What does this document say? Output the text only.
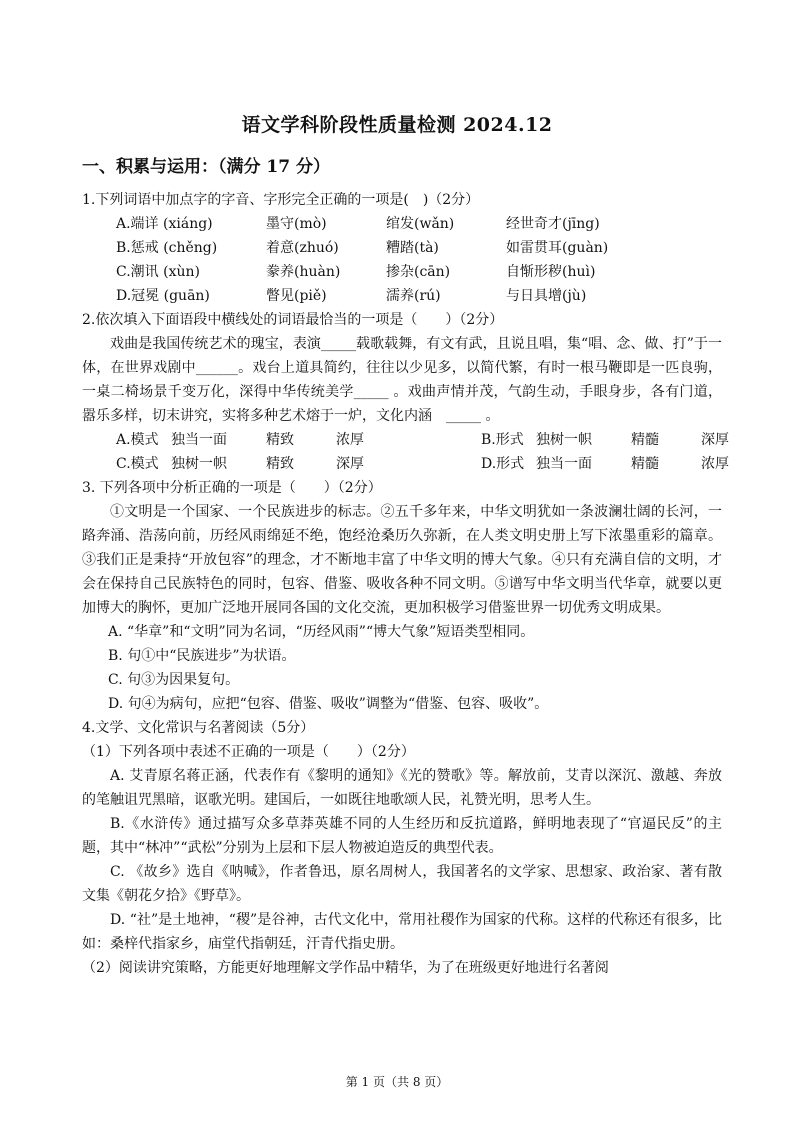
语文学科阶段性质量检测 2024.12
一、积累与运用：（满分 17 分）
1.下列词语中加点字的字音、字形完全正确的一项是(　)（2分）
A.端详 (xiáng)	墨守(mò)	绾发(wǎn)	经世奇才(jīng)
B.惩戒 (chěng)	着意(zhuó)	糟踏(tà)	如雷贯耳(guàn)
C.潮讯 (xùn)	豢养(huàn)	掺杂(cān)	自惭形秽(huì)
D.冠冕 (guān)	瞥见(piě)	濡养(rú)	与日具增(jù)
2.依次填入下面语段中横线处的词语最恰当的一项是（　　）（2分）
戏曲是我国传统艺术的瑰宝，表演_____载歌载舞，有文有武，且说且唱，集“唱、念、做、打”于一体，在世界戏剧中______。戏台上道具简约，往往以少见多，以简代繁，有时一根马鞭即是一匹良驹，一桌二椅场景千变万化，深得中华传统美学_____ 。戏曲声情并茂，气韵生动，手眼身步，各有门道，嚣乐多样，切末讲究，实将多种艺术熔于一炉，文化内涵　_____ 。
A.模式 独当一面	精致	浓厚	B.形式 独树一帜	精髓	深厚
C.模式 独树一帜	精致	深厚	D.形式 独当一面	精髓	浓厚
3. 下列各项中分析正确的一项是（　　）（2分）
①文明是一个国家、一个民族进步的标志。②五千多年来，中华文明犹如一条波澜壮阔的长河，一路奔涌、浩荡向前，历经风雨绵延不绝，饱经沧桑历久弥新，在人类文明史册上写下浓墨重彩的篇章。③我们正是秉持“开放包容”的理念，才不断地丰富了中华文明的博大气象。④只有充满自信的文明，才会在保持自己民族特色的同时，包容、借鉴、吸收各种不同文明。⑤谱写中华文明当代华章，就要以更加博大的胸怀，更加广泛地开展同各国的文化交流，更加积极学习借鉴世界一切优秀文明成果。
A. “华章”和“文明”同为名词，“历经风雨”“博大气象”短语类型相同。
B. 句①中“民族进步”为状语。
C. 句③为因果复句。
D. 句④为病句，应把“包容、借鉴、吸收”调整为“借鉴、包容、吸收”。
4.文学、文化常识与名著阅读（5分）
（1）下列各项中表述不正确的一项是（　　）（2分）
A. 艾青原名蒋正涵，代表作有《黎明的通知》《光的赞歌》等。解放前，艾青以深沉、激越、奔放的笔触诅咒黑暗，讴歌光明。建国后，一如既往地歌颂人民，礼赞光明，思考人生。
B.《水浒传》通过描写众多草莽英雄不同的人生经历和反抗道路，鲜明地表现了“官逼民反”的主题，其中“林冲”“武松”分别为上层和下层人物被迫造反的典型代表。
C. 《故乡》选自《呐喊》，作者鲁迅，原名周树人，我国著名的文学家、思想家、政治家、著有散文集《朝花夕拾》《野草》。
D. “社”是土地神，“稷”是谷神，古代文化中，常用社稷作为国家的代称。这样的代称还有很多，比如：桑梓代指家乡，庙堂代指朝廷，汗青代指史册。
（2）阅读讲究策略，方能更好地理解文学作品中精华，为了在班级更好地进行名著阅
第 1 页（共 8 页）
